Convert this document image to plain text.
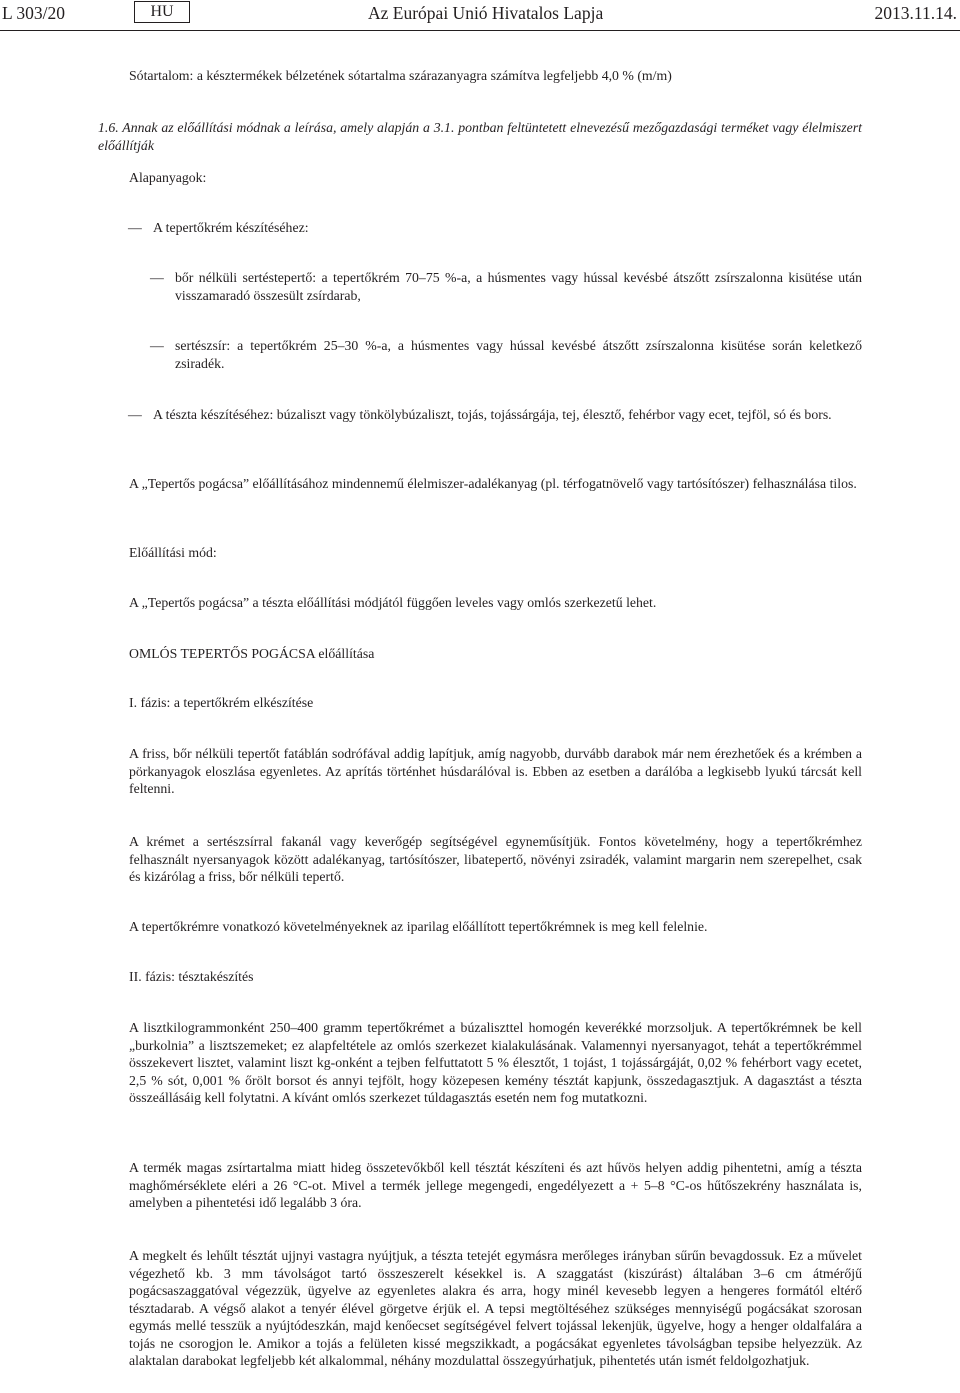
L 303/20	HU	Az Európai Unió Hivatalos Lapja	2013.11.14.

Sótartalom: a késztermékek bélzetének sótartalma szárazanyagra számítva legfeljebb 4,0 % (m/m)

1.6. Annak az előállítási módnak a leírása, amely alapján a 3.1. pontban feltüntetett elnevezésű mezőgazdasági terméket vagy élelmiszert előállítják

Alapanyagok:

— A tepertőkrém készítéséhez:

— bőr nélküli sertéstepertő: a tepertőkrém 70–75 %-a, a húsmentes vagy hússal kevésbé átszőtt zsírszalonna kisütése után visszamaradó összesült zsírdarab,

— sertészsír: a tepertőkrém 25–30 %-a, a húsmentes vagy hússal kevésbé átszőtt zsírszalonna kisütése során keletkező zsiradék.

— A tészta készítéséhez: búzaliszt vagy tönkölybúzaliszt, tojás, tojássárgája, tej, élesztő, fehérbor vagy ecet, tejföl, só és bors.

A „Tepertős pogácsa” előállításához mindennemű élelmiszer-adalékanyag (pl. térfogatnövelő vagy tartósítószer) felhasználása tilos.

Előállítási mód:

A „Tepertős pogácsa” a tészta előállítási módjától függően leveles vagy omlós szerkezetű lehet.

OMLÓS TEPERTŐS POGÁCSA előállítása

I. fázis: a tepertőkrém elkészítése

A friss, bőr nélküli tepertőt fatáblán sodrófával addig lapítjuk, amíg nagyobb, durvább darabok már nem érezhetőek és a krémben a pörkanyagok eloszlása egyenletes. Az aprítás történhet húsdarálóval is. Ebben az esetben a darálóba a legkisebb lyukú tárcsát kell feltenni.

A krémet a sertészsírral fakanál vagy keverőgép segítségével egyneműsítjük. Fontos követelmény, hogy a tepertőkrémhez felhasznált nyersanyagok között adalékanyag, tartósítószer, libatepertő, növényi zsiradék, valamint margarin nem szerepelhet, csak és kizárólag a friss, bőr nélküli tepertő.

A tepertőkrémre vonatkozó követelményeknek az iparilag előállított tepertőkrémnek is meg kell felelnie.

II. fázis: tésztakészítés

A lisztkilogrammonként 250–400 gramm tepertőkrémet a búzaliszttel homogén keverékké morzsoljuk. A tepertőkrémnek be kell „burkolnia” a lisztszemeket; ez alapfeltétele az omlós szerkezet kialakulásának. Valamennyi nyersanyagot, tehát a tepertőkrémmel összekevert lisztet, valamint liszt kg-onként a tejben felfuttatott 5 % élesztőt, 1 tojást, 1 tojássárgáját, 0,02 % fehérbort vagy ecetet, 2,5 % sót, 0,001 % őrölt borsot és annyi tejfölt, hogy közepesen kemény tésztát kapjunk, összedagasztjuk. A dagasztást a tészta összeállásáig kell folytatni. A kívánt omlós szerkezet túldagasztás esetén nem fog mutatkozni.

A termék magas zsírtartalma miatt hideg összetevőkből kell tésztát készíteni és azt hűvös helyen addig pihentetni, amíg a tészta maghőmérséklete eléri a 26 °C-ot. Mivel a termék jellege megengedi, engedélyezett a + 5–8 °C-os hűtőszekrény használata is, amelyben a pihentetési idő legalább 3 óra.

A megkelt és lehűlt tésztát ujjnyi vastagra nyújtjuk, a tészta tetejét egymásra merőleges irányban sűrűn bevagdossuk. Ez a művelet végezhető kb. 3 mm távolságot tartó összeszerelt késekkel is. A szaggatást (kiszúrást) általában 3–6 cm átmérőjű pogácsaszaggatóval végezzük, ügyelve az egyenletes alakra és arra, hogy minél kevesebb legyen a hengeres formától eltérő tésztadarab. A végső alakot a tenyér élével görgetve érjük el. A tepsi megtöltéséhez szükséges mennyiségű pogácsákat szorosan egymás mellé tesszük a nyújtódeszkán, majd kenőecset segítségével felvert tojással lekenjük, ügyelve, hogy a henger oldalfalára a tojás ne csorogjon le. Amikor a tojás a felületen kissé megszikkadt, a pogácsákat egyenletes távolságban tepsibe helyezzük. Az alaktalan darabokat legfeljebb két alkalommal, néhány mozdulattal összegyúrhatjuk, pihentetés után ismét feldolgozhatjuk.
